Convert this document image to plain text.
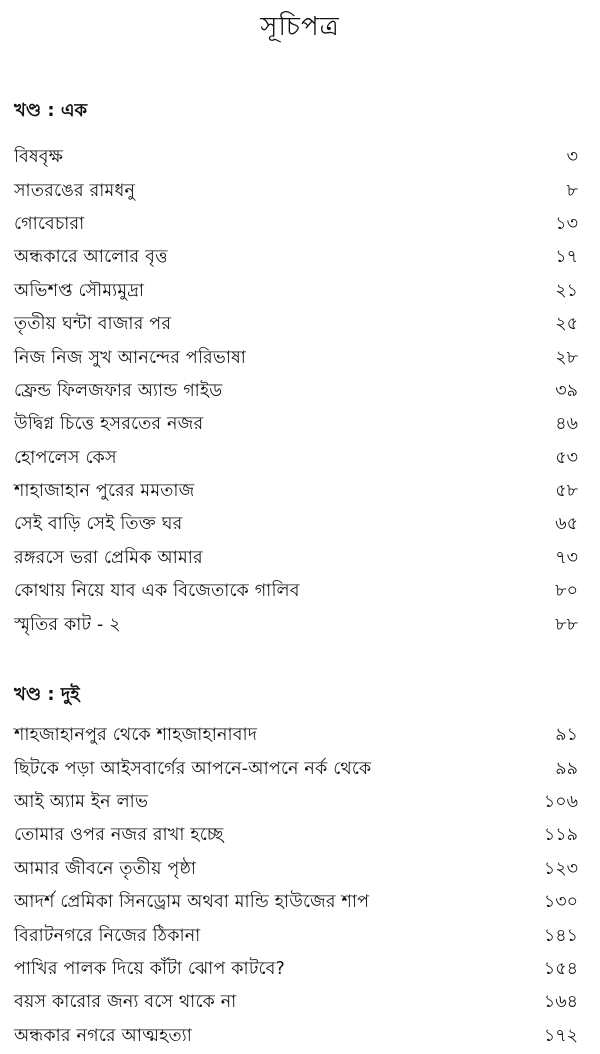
সূচিপত্র
খণ্ড : এক
বিষবৃক্ষ	৩
সাতরঙের রামধনু	৮
গোবেচারা	১৩
অন্ধকারে আলোর বৃত্ত	১৭
অভিশপ্ত সৌম্যমুদ্রা	২১
তৃতীয় ঘন্টা বাজার পর	২৫
নিজ নিজ সুখ আনন্দের পরিভাষা	২৮
ফ্রেন্ড ফিলজফার অ্যান্ড গাইড	৩৯
উদ্বিগ্ন চিত্তে হসরতের নজর	৪৬
হোপলেস কেস	৫৩
শাহাজাহান পুরের মমতাজ	৫৮
সেই বাড়ি সেই তিক্ত ঘর	৬৫
রঙ্গরসে ভরা প্রেমিক আমার	৭৩
কোথায় নিয়ে যাব এক বিজেতাকে গালিব	৮০
স্মৃতির কাট - ২	৮৮
খণ্ড : দুই
শাহজাহানপুর থেকে শাহজাহানাবাদ	৯১
ছিটকে পড়া আইসবার্গের আপনে-আপনে নর্ক থেকে	৯৯
আই অ্যাম ইন লাভ	১০৬
তোমার ওপর নজর রাখা হচ্ছে	১১৯
আমার জীবনে তৃতীয় পৃষ্ঠা	১২৩
আদর্শ প্রেমিকা সিনড্রোম অথবা মান্ডি হাউজের শাপ	১৩০
বিরাটনগরে নিজের ঠিকানা	১৪১
পাখির পালক দিয়ে কাঁটা ঝোপ কাটবে?	১৫৪
বয়স কারোর জন্য বসে থাকে না	১৬৪
অন্ধকার নগরে আত্মহত্যা	১৭২
